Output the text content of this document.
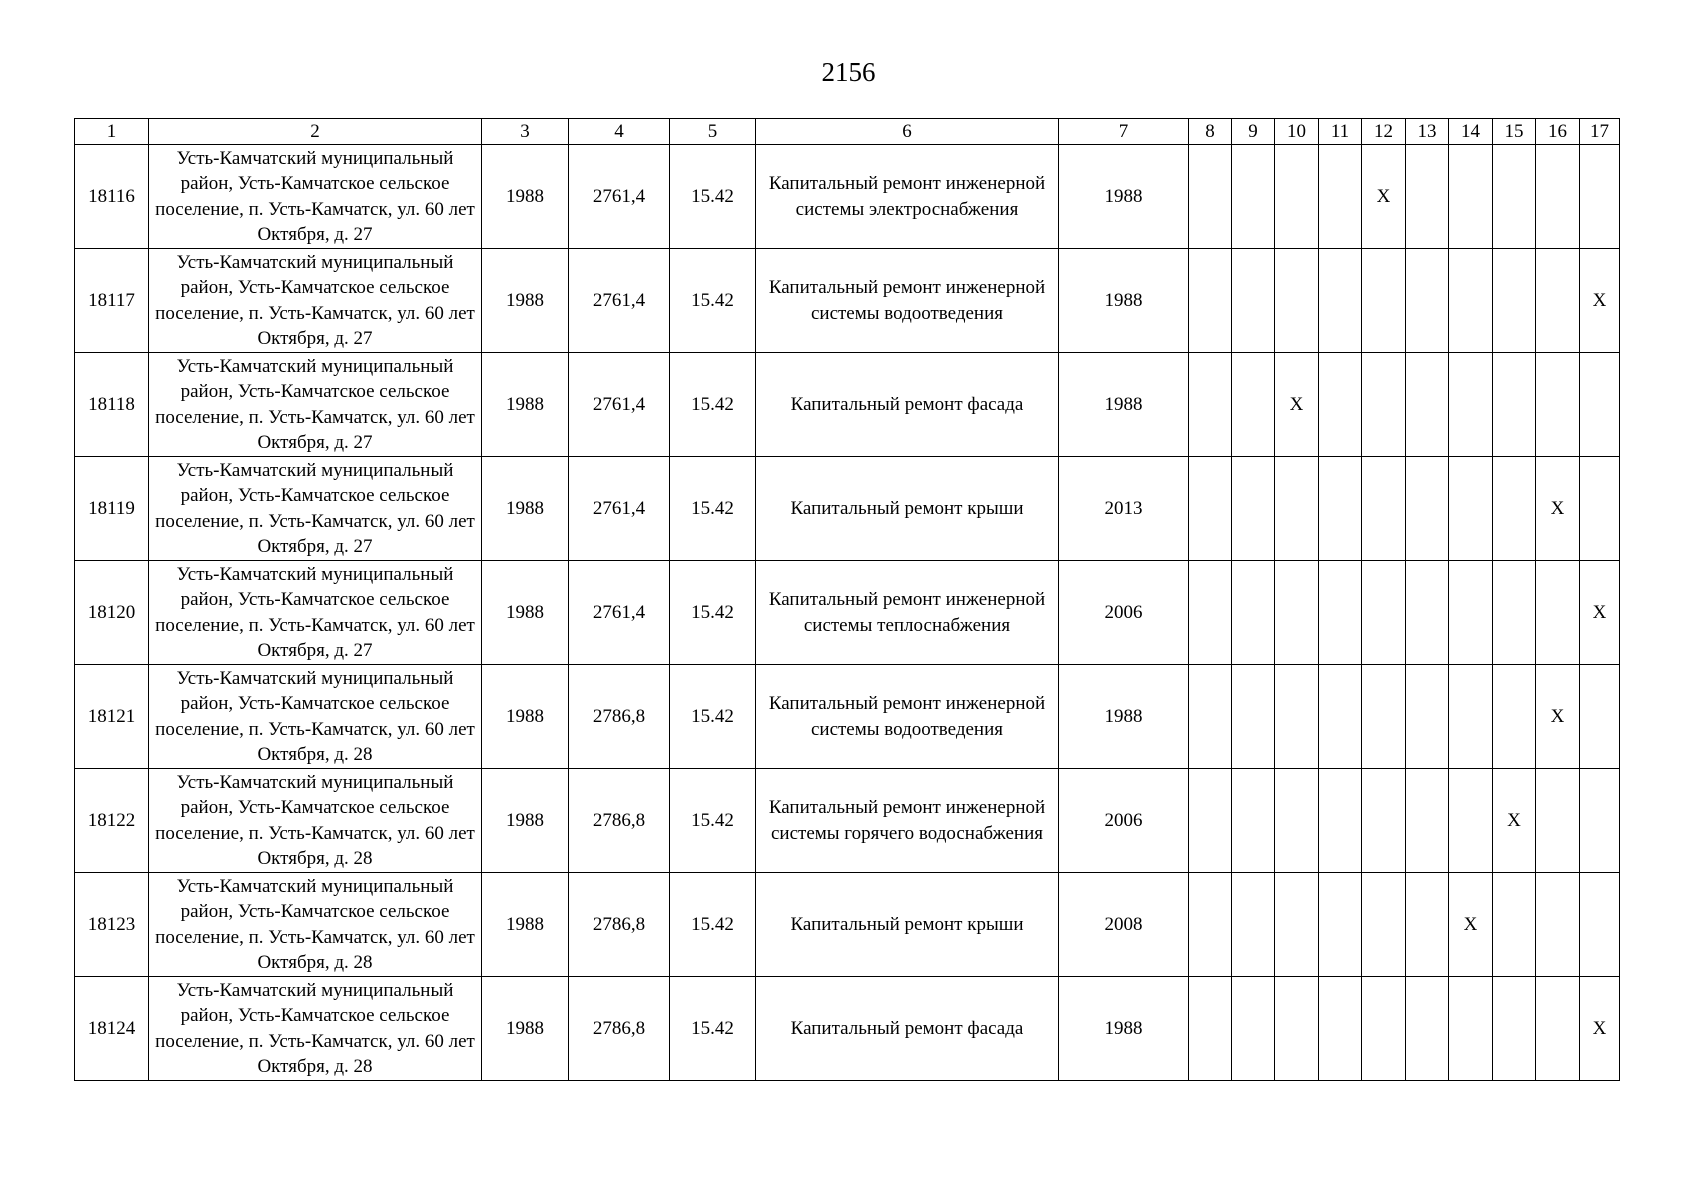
2156
1	2	3	4	5	6	7	8	9	10	11	12	13	14	15	16	17
18116	Усть-Камчатский муниципальный район, Усть-Камчатское сельское поселение, п. Усть-Камчатск, ул. 60 лет Октября, д. 27	1988	2761,4	15.42	Капитальный ремонт инженерной системы электроснабжения	1988					X					
18117	Усть-Камчатский муниципальный район, Усть-Камчатское сельское поселение, п. Усть-Камчатск, ул. 60 лет Октября, д. 27	1988	2761,4	15.42	Капитальный ремонт инженерной системы водоотведения	1988										X
18118	Усть-Камчатский муниципальный район, Усть-Камчатское сельское поселение, п. Усть-Камчатск, ул. 60 лет Октября, д. 27	1988	2761,4	15.42	Капитальный ремонт фасада	1988			X							
18119	Усть-Камчатский муниципальный район, Усть-Камчатское сельское поселение, п. Усть-Камчатск, ул. 60 лет Октября, д. 27	1988	2761,4	15.42	Капитальный ремонт крыши	2013									X	
18120	Усть-Камчатский муниципальный район, Усть-Камчатское сельское поселение, п. Усть-Камчатск, ул. 60 лет Октября, д. 27	1988	2761,4	15.42	Капитальный ремонт инженерной системы теплоснабжения	2006										X
18121	Усть-Камчатский муниципальный район, Усть-Камчатское сельское поселение, п. Усть-Камчатск, ул. 60 лет Октября, д. 28	1988	2786,8	15.42	Капитальный ремонт инженерной системы водоотведения	1988									X	
18122	Усть-Камчатский муниципальный район, Усть-Камчатское сельское поселение, п. Усть-Камчатск, ул. 60 лет Октября, д. 28	1988	2786,8	15.42	Капитальный ремонт инженерной системы горячего водоснабжения	2006								X		
18123	Усть-Камчатский муниципальный район, Усть-Камчатское сельское поселение, п. Усть-Камчатск, ул. 60 лет Октября, д. 28	1988	2786,8	15.42	Капитальный ремонт крыши	2008							X			
18124	Усть-Камчатский муниципальный район, Усть-Камчатское сельское поселение, п. Усть-Камчатск, ул. 60 лет Октября, д. 28	1988	2786,8	15.42	Капитальный ремонт фасада	1988										X
